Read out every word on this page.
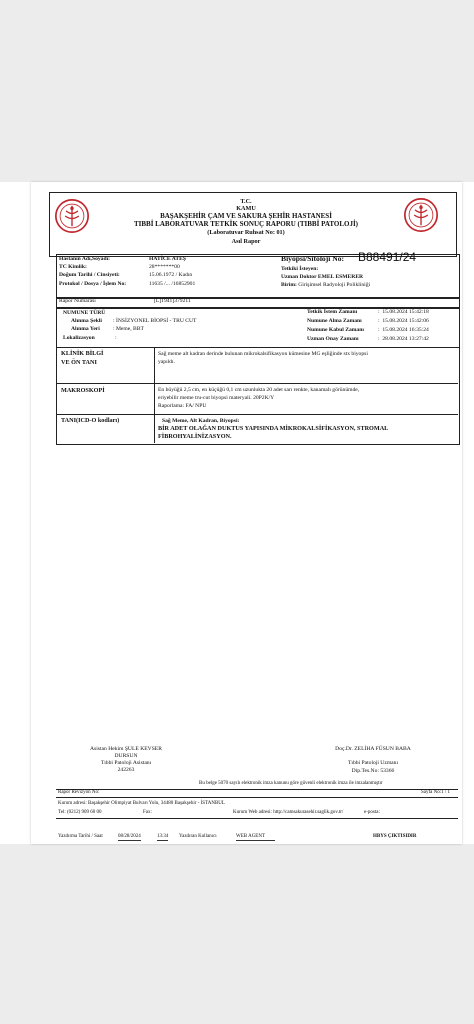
T.C.
KAMU
BAŞAKŞEHİR ÇAM VE SAKURA ŞEHİR HASTANESİ
TIBBİ LABORATUVAR TETKİK SONUÇ RAPORU (TIBBİ PATOLOJİ)
(Laboratuvar Ruhsat No: 01)
Asıl Rapor
Hastanın Adı,Soyadı:	HATİCE ATEŞ
TC Kimlik:	28*******00
Doğum Tarihi / Cinsiyeti:	15.06.1972 / Kadın
Protokol / Dosya / İşlem No:	11635 /... /16852901
Biyopsi/Sitoloji No: B88491/24
Tetkiki İsteyen:
Uzman Doktor EMEL ESMERER
Birim: Girişimsel Radyoloji Polikliniği
Rapor Numarası	[L]1941]379211
NUMUNE TÜRÜ
Alınma Şekli : İNSİZYONEL BİOPSİ - TRU CUT
Alınma Yeri : Meme, BBT
Lokalizasyon	:
Tetkik İstem Zamanı	:  15.08.2024 15:42:18
Numune Alma Zamanı	:  15.08.2024 15:42:06
Numune Kabul Zamanı	:  15.08.2024 16:35:24
Uzman Onay Zamanı	:  28.08.2024 13:27:42
KLİNİK BİLGİ
VE ÖN TANI
Sağ meme alt kadran derinde bulunan mikrokalsifikasyon kümesine MG eşliğinde stx biyopsi
yapıldı.
MAKROSKOPİ	En büyüğü 2,5 cm, en küçüğü 0,1 cm uzunlukta 20 adet sarı renkte, kanamalı görünümde,
eriyebilir meme tru-cut biyopsi materyali. 20P2K/Y
Raporlama: FA/ NPU
TANI(ICD-O kodları)	Sağ Meme, Alt Kadran, Biyopsi:
BİR ADET OLAĞAN DUKTUS YAPISINDA MİKROKALSİFİKASYON, STROMAL
FİBROHYALİNİZASYON.
Asistan Hekim ŞULE KEVSER
DURSUN
Tıbbi Patoloji Asistanı
242263
Doç.Dr. ZELİHA FÜSUN BABA
Tıbbi Patoloji Uzmanı
Dip.Tes.No: 53366
Bu belge 5070 sayılı elektronik imza kanunu göre güvenli elektronik imza ile imzalanmıştır
Rapor Revizyon No:	Sayfa No:1 / 1
Kurum adresi: Başakşehir Olimpiyat Bulvarı Yolu, 34480 Başakşehir - İSTANBUL
Tel: (0212) 909 60 00	Fax:	Kurum Web adresi: http://camsakurasehir.saglik.gov.tr/	e-posta:
Yazdırma Tarihi / Saat	08/28/2024	13:34 Yazdıran Kullanıcı	WEB AGENT	HBYS ÇIKTISIDIR
